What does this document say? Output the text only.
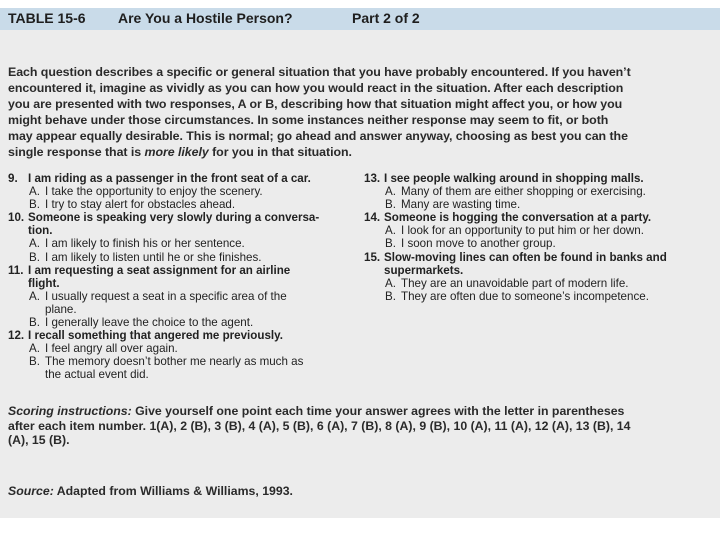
TABLE 15-6 Are You a Hostile Person?	Part 2 of 2
Each question describes a specific or general situation that you have probably encountered. If you haven’t
encountered it, imagine as vividly as you can how you would react in the situation. After each description
you are presented with two responses, A or B, describing how that situation might affect you, or how you
might behave under those circumstances. In some instances neither response may seem to fit, or both
may appear equally desirable. This is normal; go ahead and answer anyway, choosing as best you can the
single response that is more likely for you in that situation.
9. I am riding as a passenger in the front seat of a car.
A. I take the opportunity to enjoy the scenery.
B. I try to stay alert for obstacles ahead.
10. Someone is speaking very slowly during a conversa-
tion.
A. I am likely to finish his or her sentence.
B. I am likely to listen until he or she finishes.
11. I am requesting a seat assignment for an airline
flight.
A. I usually request a seat in a specific area of the
plane.
B. I generally leave the choice to the agent.
12. I recall something that angered me previously.
A. I feel angry all over again.
B. The memory doesn’t bother me nearly as much as
the actual event did.
13. I see people walking around in shopping malls.
A. Many of them are either shopping or exercising.
B. Many are wasting time.
14. Someone is hogging the conversation at a party.
A. I look for an opportunity to put him or her down.
B. I soon move to another group.
15. Slow-moving lines can often be found in banks and
supermarkets.
A. They are an unavoidable part of modern life.
B. They are often due to someone’s incompetence.
Scoring instructions: Give yourself one point each time your answer agrees with the letter in parentheses
after each item number. 1(A), 2 (B), 3 (B), 4 (A), 5 (B), 6 (A), 7 (B), 8 (A), 9 (B), 10 (A), 11 (A), 12 (A), 13 (B), 14
(A), 15 (B).
Source: Adapted from Williams & Williams, 1993.
